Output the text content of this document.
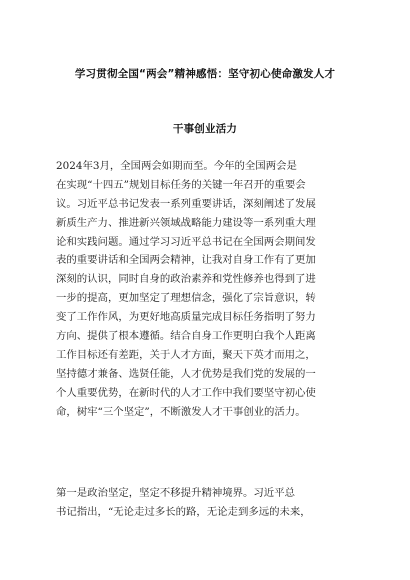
学习贯彻全国“两会”精神感悟：坚守初心使命激发人才
干事创业活力
2024年3月，全国两会如期而至。今年的全国两会是
在实现“十四五”规划目标任务的关键一年召开的重要会
议。习近平总书记发表一系列重要讲话，深刻阐述了发展
新质生产力、推进新兴领域战略能力建设等一系列重大理
论和实践问题。通过学习习近平总书记在全国两会期间发
表的重要讲话和全国两会精神，让我对自身工作有了更加
深刻的认识，同时自身的政治素养和党性修养也得到了进
一步的提高，更加坚定了理想信念，强化了宗旨意识，转
变了工作作风，为更好地高质量完成目标任务指明了努力
方向、提供了根本遵循。结合自身工作更明白我个人距离
工作目标还有差距，关于人才方面，聚天下英才而用之，
坚持德才兼备、选贤任能，人才优势是我们党的发展的一
个人重要优势，在新时代的人才工作中我们要坚守初心使
命，树牢“三个坚定”，不断激发人才干事创业的活力。
第一是政治坚定，坚定不移提升精神境界。习近平总
书记指出，“无论走过多长的路，无论走到多远的未来，
